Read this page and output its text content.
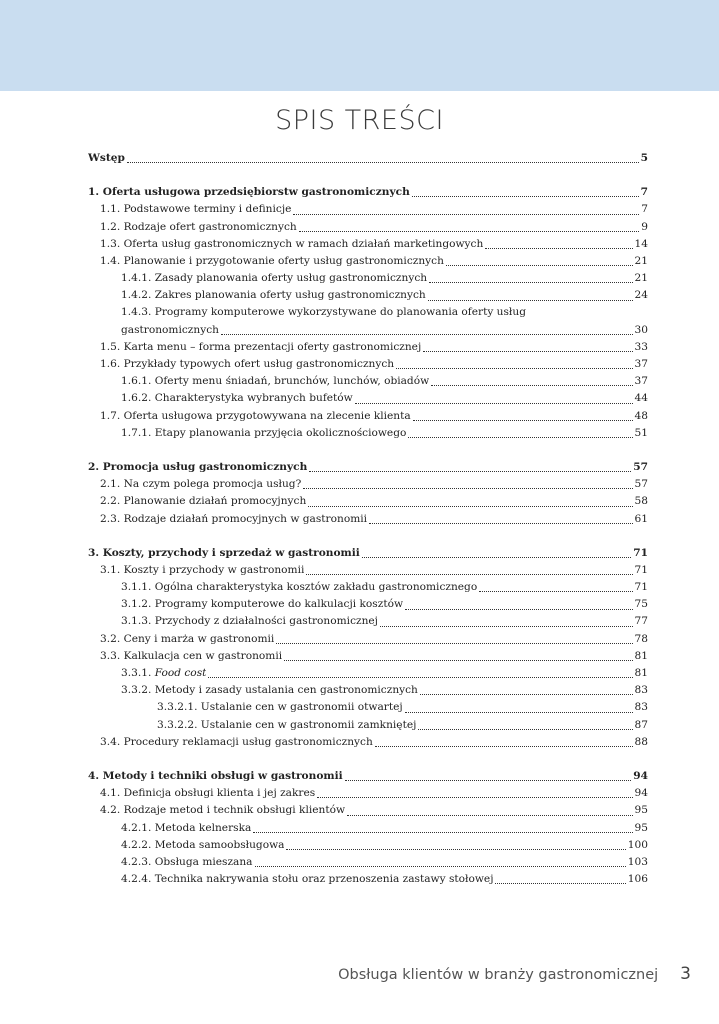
SPIS TREŚCI
Wstęp	5
1. Oferta usługowa przedsiębiorstw gastronomicznych	7
1.1. Podstawowe terminy i definicje	7
1.2. Rodzaje ofert gastronomicznych	9
1.3. Oferta usług gastronomicznych w ramach działań marketingowych	14
1.4. Planowanie i przygotowanie oferty usług gastronomicznych	21
1.4.1. Zasady planowania oferty usług gastronomicznych	21
1.4.2. Zakres planowania oferty usług gastronomicznych	24
1.4.3. Programy komputerowe wykorzystywane do planowania oferty usług
gastronomicznych	30
1.5. Karta menu – forma prezentacji oferty gastronomicznej	33
1.6. Przykłady typowych ofert usług gastronomicznych	37
1.6.1. Oferty menu śniadań, brunchów, lunchów, obiadów	37
1.6.2. Charakterystyka wybranych bufetów	44
1.7. Oferta usługowa przygotowywana na zlecenie klienta	48
1.7.1. Etapy planowania przyjęcia okolicznościowego	51
2. Promocja usług gastronomicznych	57
2.1. Na czym polega promocja usług?	57
2.2. Planowanie działań promocyjnych	58
2.3. Rodzaje działań promocyjnych w gastronomii	61
3. Koszty, przychody i sprzedaż w gastronomii	71
3.1. Koszty i przychody w gastronomii	71
3.1.1. Ogólna charakterystyka kosztów zakładu gastronomicznego	71
3.1.2. Programy komputerowe do kalkulacji kosztów	75
3.1.3. Przychody z działalności gastronomicznej	77
3.2. Ceny i marża w gastronomii	78
3.3. Kalkulacja cen w gastronomii	81
3.3.1. Food cost	81
3.3.2. Metody i zasady ustalania cen gastronomicznych	83
3.3.2.1. Ustalanie cen w gastronomii otwartej	83
3.3.2.2. Ustalanie cen w gastronomii zamkniętej	87
3.4. Procedury reklamacji usług gastronomicznych	88
4. Metody i techniki obsługi w gastronomii	94
4.1. Definicja obsługi klienta i jej zakres	94
4.2. Rodzaje metod i technik obsługi klientów	95
4.2.1. Metoda kelnerska	95
4.2.2. Metoda samoobsługowa	100
4.2.3. Obsługa mieszana	103
4.2.4. Technika nakrywania stołu oraz przenoszenia zastawy stołowej	106
Obsługa klientów w branży gastronomicznej 3
